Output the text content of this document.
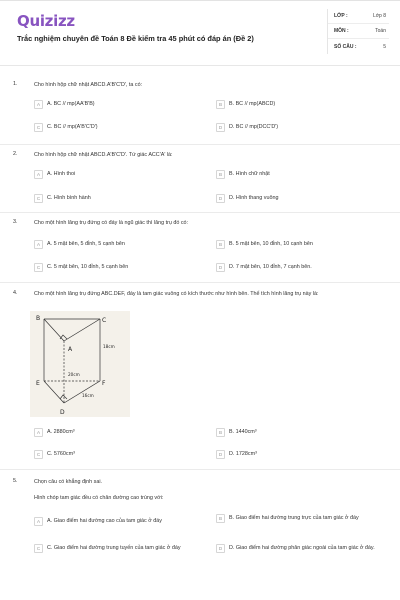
Quizizz
Trắc nghiệm chuyên đề Toán 8 Đề kiểm tra 45 phút có đáp án (Đề 2)
LỚP :	Lớp 8
MÔN :	Toán
SỐ CÂU :	5
1.	Cho hình hộp chữ nhật ABCD.A'B'C'D', ta có:
A	A. BC // mp(AA'B'B)	B	B. BC // mp(ABCD)
C	C. BC // mp(A'B'C'D')	D	D. BC // mp(DCC'D')
2.	Cho hình hộp chữ nhật ABCD.A'B'C'D'. Tứ giác ACC'A' là:
A	A. Hình thoi	B	B. Hình chữ nhật
C	C. Hình bình hành	D	D. Hình thang vuông
3.	Cho một hình lăng trụ đứng có đáy là ngũ giác thì lăng trụ đó có:
A	A. 5 mặt bên, 5 đỉnh, 5 cạnh bên	B	B. 5 mặt bên, 10 đỉnh, 10 cạnh bên
C	C. 5 mặt bên, 10 đỉnh, 5 cạnh bên	D	D. 7 mặt bên, 10 đỉnh, 7 cạnh bên.
4.	Cho một hình lăng trụ đứng ABC.DEF, đáy là tam giác vuông có kích thước như hình bên. Thể tích hình lăng trụ này là:
B	C
A
E	F
D
18cm
20cm
16cm
A	A. 2880cm³	B	B. 1440cm³
C	C. 5760cm³	D	D. 1728cm³
5.	Chọn câu có khẳng định sai.
Hình chóp tam giác đều có chân đường cao trùng với:
A	A. Giao điểm hai đường cao của tam giác ở đáy	B	B. Giao điểm hai đường trung trực của tam giác ở đáy
C	C. Giao điểm hai đường trung tuyến của tam giác ở đáy	D	D. Giao điểm hai đường phân giác ngoài của tam giác ở đáy.
